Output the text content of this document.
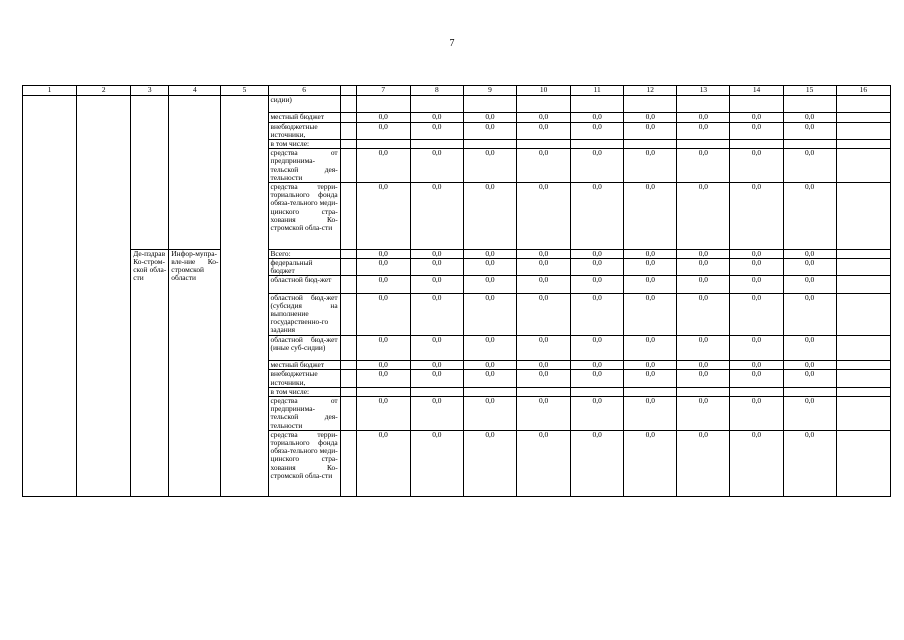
7
1	2	3	4	5	6		7	8	9	10	11	12	13	14	15	16
					сидии)											
					местный бюджет		0,0	0,0	0,0	0,0	0,0	0,0	0,0	0,0	0,0	
					внебюджетные источники,		0,0	0,0	0,0	0,0	0,0	0,0	0,0	0,0	0,0	
					в том числе:											
					средства от предпринима-тельской дея-тельности		0,0	0,0	0,0	0,0	0,0	0,0	0,0	0,0	0,0	
					средства терри-ториального фонда обяза-тельного меди-цинского стра-хования Ко-стромской обла-сти		0,0	0,0	0,0	0,0	0,0	0,0	0,0	0,0	0,0	
		Де-пздрав Ко-стром-ской обла-сти	Инфор-мупра-вле-ние Ко-стромской области		Всего:		0,0	0,0	0,0	0,0	0,0	0,0	0,0	0,0	0,0	
					федеральный бюджет		0,0	0,0	0,0	0,0	0,0	0,0	0,0	0,0	0,0	
					областной бюд-жет		0,0	0,0	0,0	0,0	0,0	0,0	0,0	0,0	0,0	
					областной бюд-жет (субсидия на выполнение государственно-го задания		0,0	0,0	0,0	0,0	0,0	0,0	0,0	0,0	0,0	
					областной бюд-жет (иные суб-сидии)		0,0	0,0	0,0	0,0	0,0	0,0	0,0	0,0	0,0	
					местный бюджет		0,0	0,0	0,0	0,0	0,0	0,0	0,0	0,0	0,0	
					внебюджетные источники,		0,0	0,0	0,0	0,0	0,0	0,0	0,0	0,0	0,0	
					в том числе:											
					средства от предпринима-тельской дея-тельности		0,0	0,0	0,0	0,0	0,0	0,0	0,0	0,0	0,0	
					средства терри-ториального фонда обяза-тельного меди-цинского стра-хования Ко-стромской обла-сти		0,0	0,0	0,0	0,0	0,0	0,0	0,0	0,0	0,0	
